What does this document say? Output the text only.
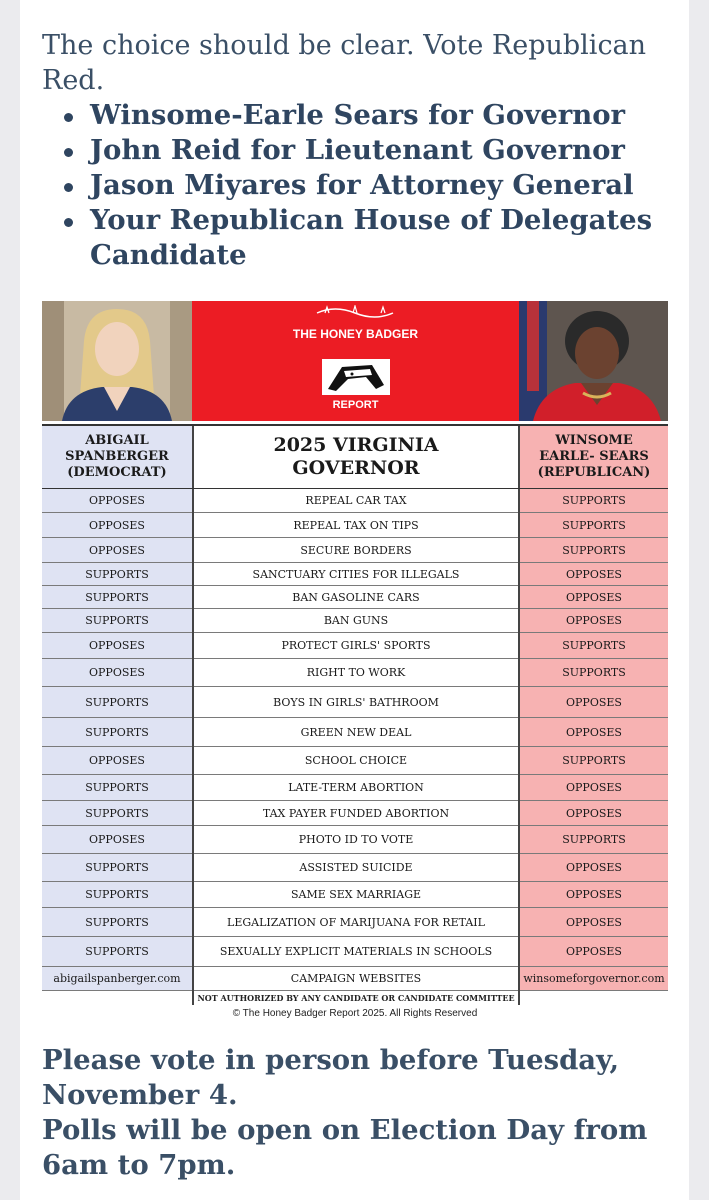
The choice should be clear. Vote Republican Red.

Winsome-Earle Sears for Governor
John Reid for Lieutenant Governor
Jason Miyares for Attorney General
Your Republican House of Delegates Candidate
THE HONEY BADGER
REPORT
ABIGAIL
SPANBERGER
(DEMOCRAT)
2025 VIRGINIA
GOVERNOR
WINSOME
EARLE- SEARS
(REPUBLICAN)
OPPOSES	REPEAL CAR TAX	SUPPORTS
OPPOSES	REPEAL TAX ON TIPS	SUPPORTS
OPPOSES	SECURE BORDERS	SUPPORTS
SUPPORTS	SANCTUARY CITIES FOR ILLEGALS	OPPOSES
SUPPORTS	BAN GASOLINE CARS	OPPOSES
SUPPORTS	BAN GUNS	OPPOSES
OPPOSES	PROTECT GIRLS' SPORTS	SUPPORTS
OPPOSES	RIGHT TO WORK	SUPPORTS
SUPPORTS	BOYS IN GIRLS' BATHROOM	OPPOSES
SUPPORTS	GREEN NEW DEAL	OPPOSES
OPPOSES	SCHOOL CHOICE	SUPPORTS
SUPPORTS	LATE-TERM ABORTION	OPPOSES
SUPPORTS	TAX PAYER FUNDED ABORTION	OPPOSES
OPPOSES	PHOTO ID TO VOTE	SUPPORTS
SUPPORTS	ASSISTED SUICIDE	OPPOSES
SUPPORTS	SAME SEX MARRIAGE	OPPOSES
SUPPORTS	LEGALIZATION OF MARIJUANA FOR RETAIL	OPPOSES
SUPPORTS	SEXUALLY EXPLICIT MATERIALS IN SCHOOLS	OPPOSES
abigailspanberger.com	CAMPAIGN WEBSITES	winsomeforgovernor.com
NOT AUTHORIZED BY ANY CANDIDATE OR CANDIDATE COMMITTEE
© The Honey Badger Report 2025. All Rights Reserved
Please vote in person before Tuesday, November 4.
Polls will be open on Election Day from 6am to 7pm.
